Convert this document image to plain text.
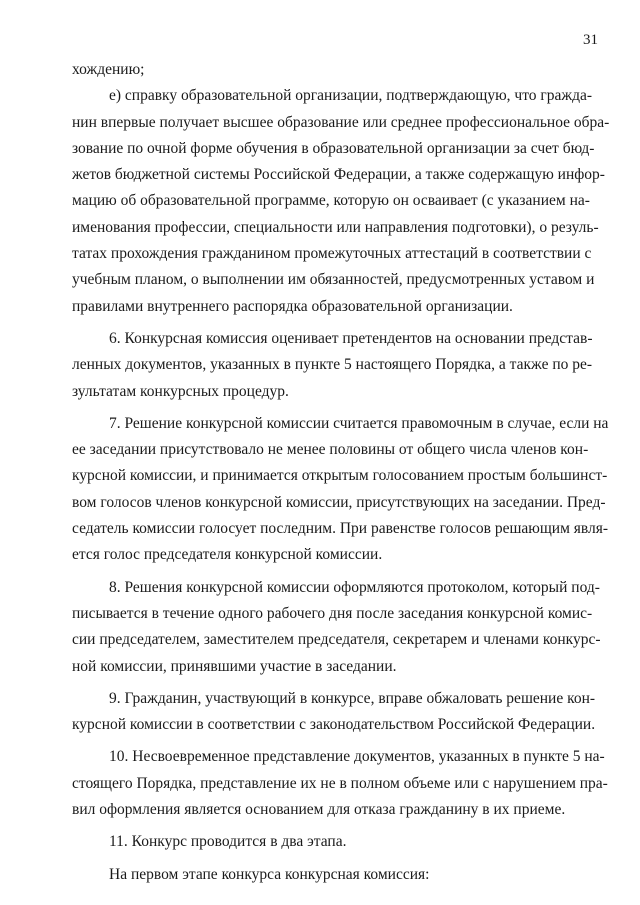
31
хождению;
е) справку образовательной организации, подтверждающую, что гражда-
нин впервые получает высшее образование или среднее профессиональное обра-
зование по очной форме обучения в образовательной организации за счет бюд-
жетов бюджетной системы Российской Федерации, а также содержащую инфор-
мацию об образовательной программе, которую он осваивает (с указанием на-
именования профессии, специальности или направления подготовки), о резуль-
татах прохождения гражданином промежуточных аттестаций в соответствии с
учебным планом, о выполнении им обязанностей, предусмотренных уставом и
правилами внутреннего распорядка образовательной организации.
6. Конкурсная комиссия оценивает претендентов на основании представ-
ленных документов, указанных в пункте 5 настоящего Порядка, а также по ре-
зультатам конкурсных процедур.
7. Решение конкурсной комиссии считается правомочным в случае, если на
ее заседании присутствовало не менее половины от общего числа членов кон-
курсной комиссии, и принимается открытым голосованием простым большинст-
вом голосов членов конкурсной комиссии, присутствующих на заседании. Пред-
седатель комиссии голосует последним. При равенстве голосов решающим явля-
ется голос председателя конкурсной комиссии.
8. Решения конкурсной комиссии оформляются протоколом, который под-
писывается в течение одного рабочего дня после заседания конкурсной комис-
сии председателем, заместителем председателя, секретарем и членами конкурс-
ной комиссии, принявшими участие в заседании.
9. Гражданин, участвующий в конкурсе, вправе обжаловать решение кон-
курсной комиссии в соответствии с законодательством Российской Федерации.
10. Несвоевременное представление документов, указанных в пункте 5 на-
стоящего Порядка, представление их не в полном объеме или с нарушением пра-
вил оформления является основанием для отказа гражданину в их приеме.
11. Конкурс проводится в два этапа.
На первом этапе конкурса конкурсная комиссия:
